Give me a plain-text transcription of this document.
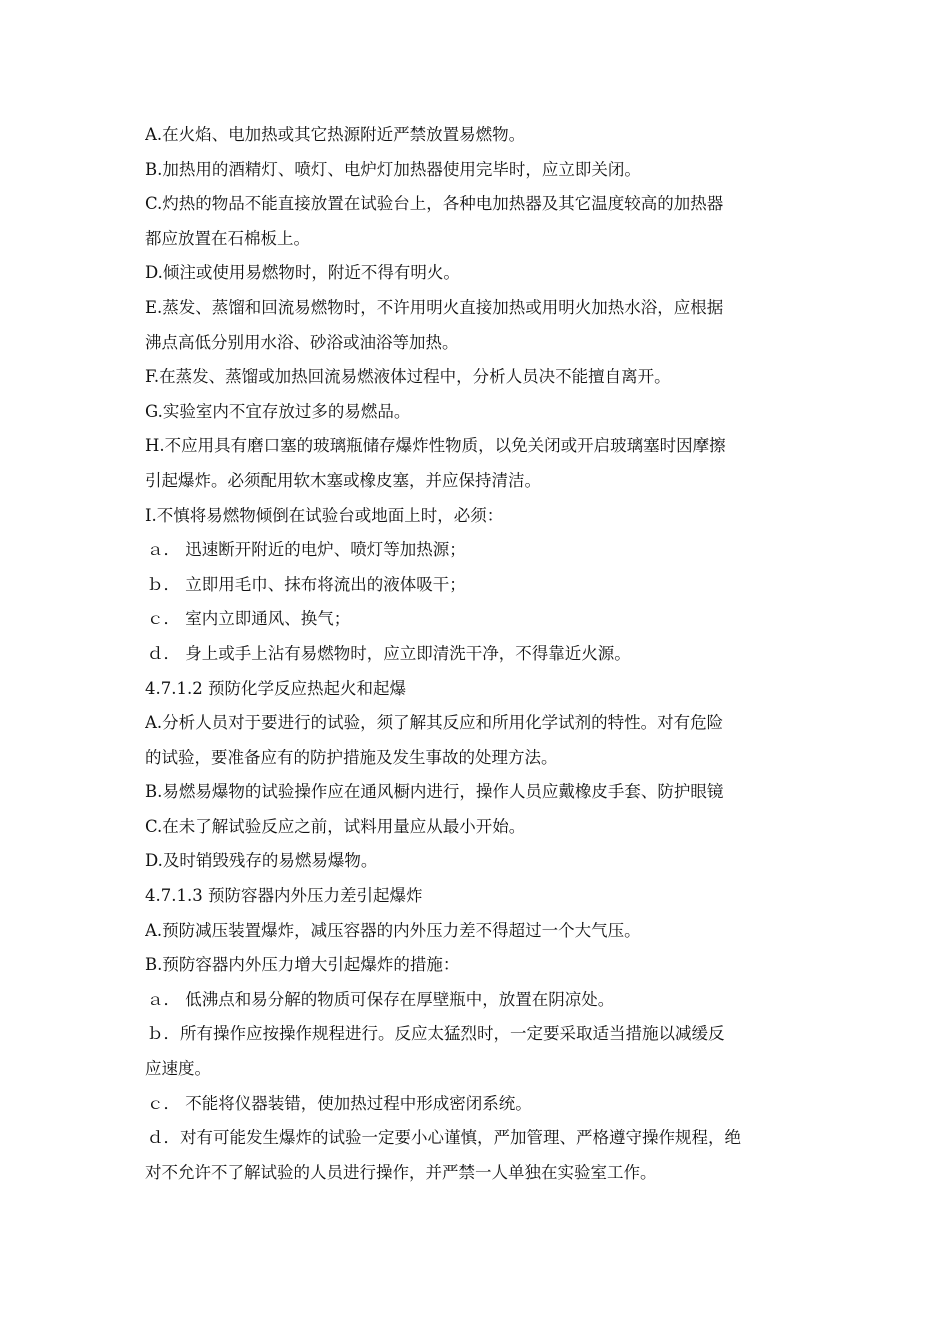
A.在火焰、电加热或其它热源附近严禁放置易燃物。
B.加热用的酒精灯、喷灯、电炉灯加热器使用完毕时，应立即关闭。
C.灼热的物品不能直接放置在试验台上，各种电加热器及其它温度较高的加热器
都应放置在石棉板上。
D.倾注或使用易燃物时，附近不得有明火。
E.蒸发、蒸馏和回流易燃物时，不许用明火直接加热或用明火加热水浴，应根据
沸点高低分别用水浴、砂浴或油浴等加热。
F.在蒸发、蒸馏或加热回流易燃液体过程中，分析人员决不能擅自离开。
G.实验室内不宜存放过多的易燃品。
H.不应用具有磨口塞的玻璃瓶储存爆炸性物质，以免关闭或开启玻璃塞时因摩擦
引起爆炸。必须配用软木塞或橡皮塞，并应保持清洁。
I.不慎将易燃物倾倒在试验台或地面上时，必须：
ａ． 迅速断开附近的电炉、喷灯等加热源；
ｂ． 立即用毛巾、抹布将流出的液体吸干；
ｃ． 室内立即通风、换气；
ｄ． 身上或手上沾有易燃物时，应立即清洗干净，不得靠近火源。
4.7.1.2 预防化学反应热起火和起爆
A.分析人员对于要进行的试验，须了解其反应和所用化学试剂的特性。对有危险
的试验，要准备应有的防护措施及发生事故的处理方法。
B.易燃易爆物的试验操作应在通风橱内进行，操作人员应戴橡皮手套、防护眼镜
C.在未了解试验反应之前，试料用量应从最小开始。
D.及时销毁残存的易燃易爆物。
4.7.1.3 预防容器内外压力差引起爆炸
A.预防减压装置爆炸，减压容器的内外压力差不得超过一个大气压。
B.预防容器内外压力增大引起爆炸的措施：
ａ． 低沸点和易分解的物质可保存在厚壁瓶中，放置在阴凉处。
ｂ．所有操作应按操作规程进行。反应太猛烈时，一定要采取适当措施以减缓反
应速度。
ｃ． 不能将仪器装错，使加热过程中形成密闭系统。
ｄ．对有可能发生爆炸的试验一定要小心谨慎，严加管理、严格遵守操作规程，绝
对不允许不了解试验的人员进行操作，并严禁一人单独在实验室工作。
